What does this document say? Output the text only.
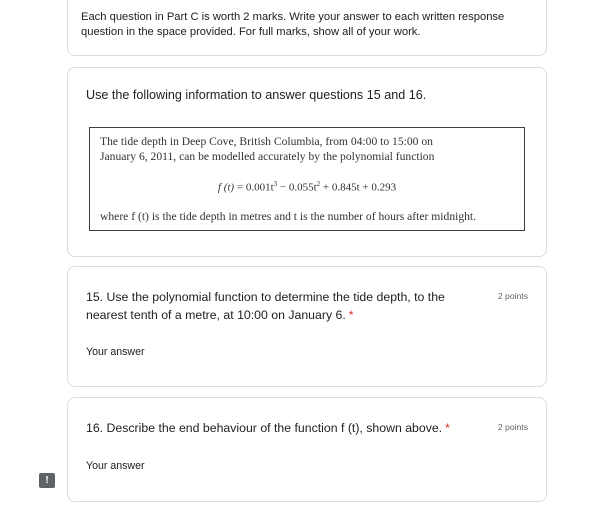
Each question in Part C is worth 2 marks. Write your answer to each written response question in the space provided. For full marks, show all of your work.
Use the following information to answer questions 15 and 16.
The tide depth in Deep Cove, British Columbia, from 04:00 to 15:00 on
January 6, 2011, can be modelled accurately by the polynomial function
f $(t) = 0.001t^3 - 0.055t^2 + 0.845t + 0.293$
where f (t) is the tide depth in metres and t is the number of hours after midnight.
15. Use the polynomial function to determine the tide depth, to the nearest tenth of a metre, at 10:00 on January 6. *
2 points
Your answer
16. Describe the end behaviour of the function f (t), shown above. *	2 points
Your answer
!
